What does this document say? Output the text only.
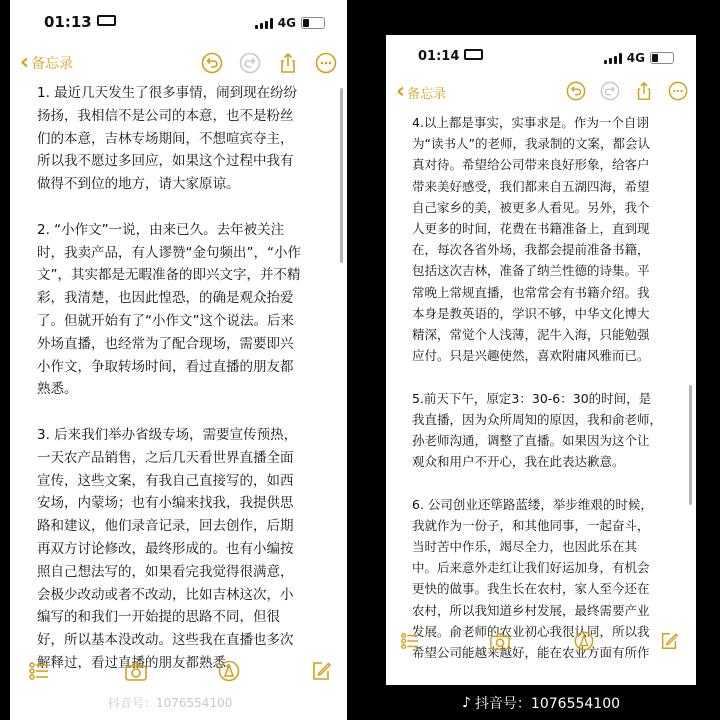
01:13	4G
‹ 备忘录
1. 最近几天发生了很多事情，闹到现在纷纷
扬扬，我相信不是公司的本意，也不是粉丝
们的本意，吉林专场期间，不想喧宾夺主，
所以我不愿过多回应，如果这个过程中我有
做得不到位的地方，请大家原谅。

2. “小作文”一说，由来已久。去年被关注
时，我卖产品，有人谬赞“金句频出”，“小作
文”，其实都是无暇准备的即兴文字，并不精
彩，我清楚，也因此惶恐，的确是观众抬爱
了。但就开始有了“小作文”这个说法。后来
外场直播，也经常为了配合现场，需要即兴
小作文，争取转场时间，看过直播的朋友都
熟悉。

3. 后来我们举办省级专场，需要宣传预热，
一天农产品销售，之后几天看世界直播全面
宣传，这些文案，有我自己直接写的，如西
安场，内蒙场；也有小编来找我，我提供思
路和建议，他们录音记录，回去创作，后期
再双方讨论修改，最终形成的。也有小编按
照自己想法写的，如果看完我觉得很满意，
会极少改动或者不改动，比如吉林这次，小
编写的和我们一开始提的思路不同，但很
好，所以基本没改动。这些我在直播也多次
解释过，看过直播的朋友都熟悉。
抖音号：1076554100
01:14	4G
‹ 备忘录
4.以上都是事实，实事求是。作为一个自诩
为“读书人”的老师，我录制的文案，都会认
真对待。希望给公司带来良好形象，给客户
带来美好感受，我们都来自五湖四海，希望
自己家乡的美，被更多人看见。另外，我个
人更多的时间，花费在书籍准备上，直到现
在，每次各省外场，我都会提前准备书籍，
包括这次吉林，准备了纳兰性德的诗集。平
常晚上常规直播，也常常会有书籍介绍。我
本身是教英语的，学识不够，中华文化博大
精深，常觉个人浅薄，泥牛入海，只能勉强
应付。只是兴趣使然，喜欢附庸风雅而已。

5.前天下午，原定3：30-6：30的时间，是
我直播，因为众所周知的原因，我和俞老师，
孙老师沟通，调整了直播。如果因为这个让
观众和用户不开心，我在此表达歉意。

6. 公司创业还筚路蓝缕，举步维艰的时候，
我就作为一份子，和其他同事，一起奋斗，
当时苦中作乐，竭尽全力，也因此乐在其
中。后来意外走红让我们好运加身，有机会
更快的做事。我生长在农村，家人至今还在
农村，所以我知道乡村发展，最终需要产业
发展。俞老师的农业初心我很认同，所以我
希望公司能越来越好，能在农业方面有所作
♪ 抖音号：1076554100
